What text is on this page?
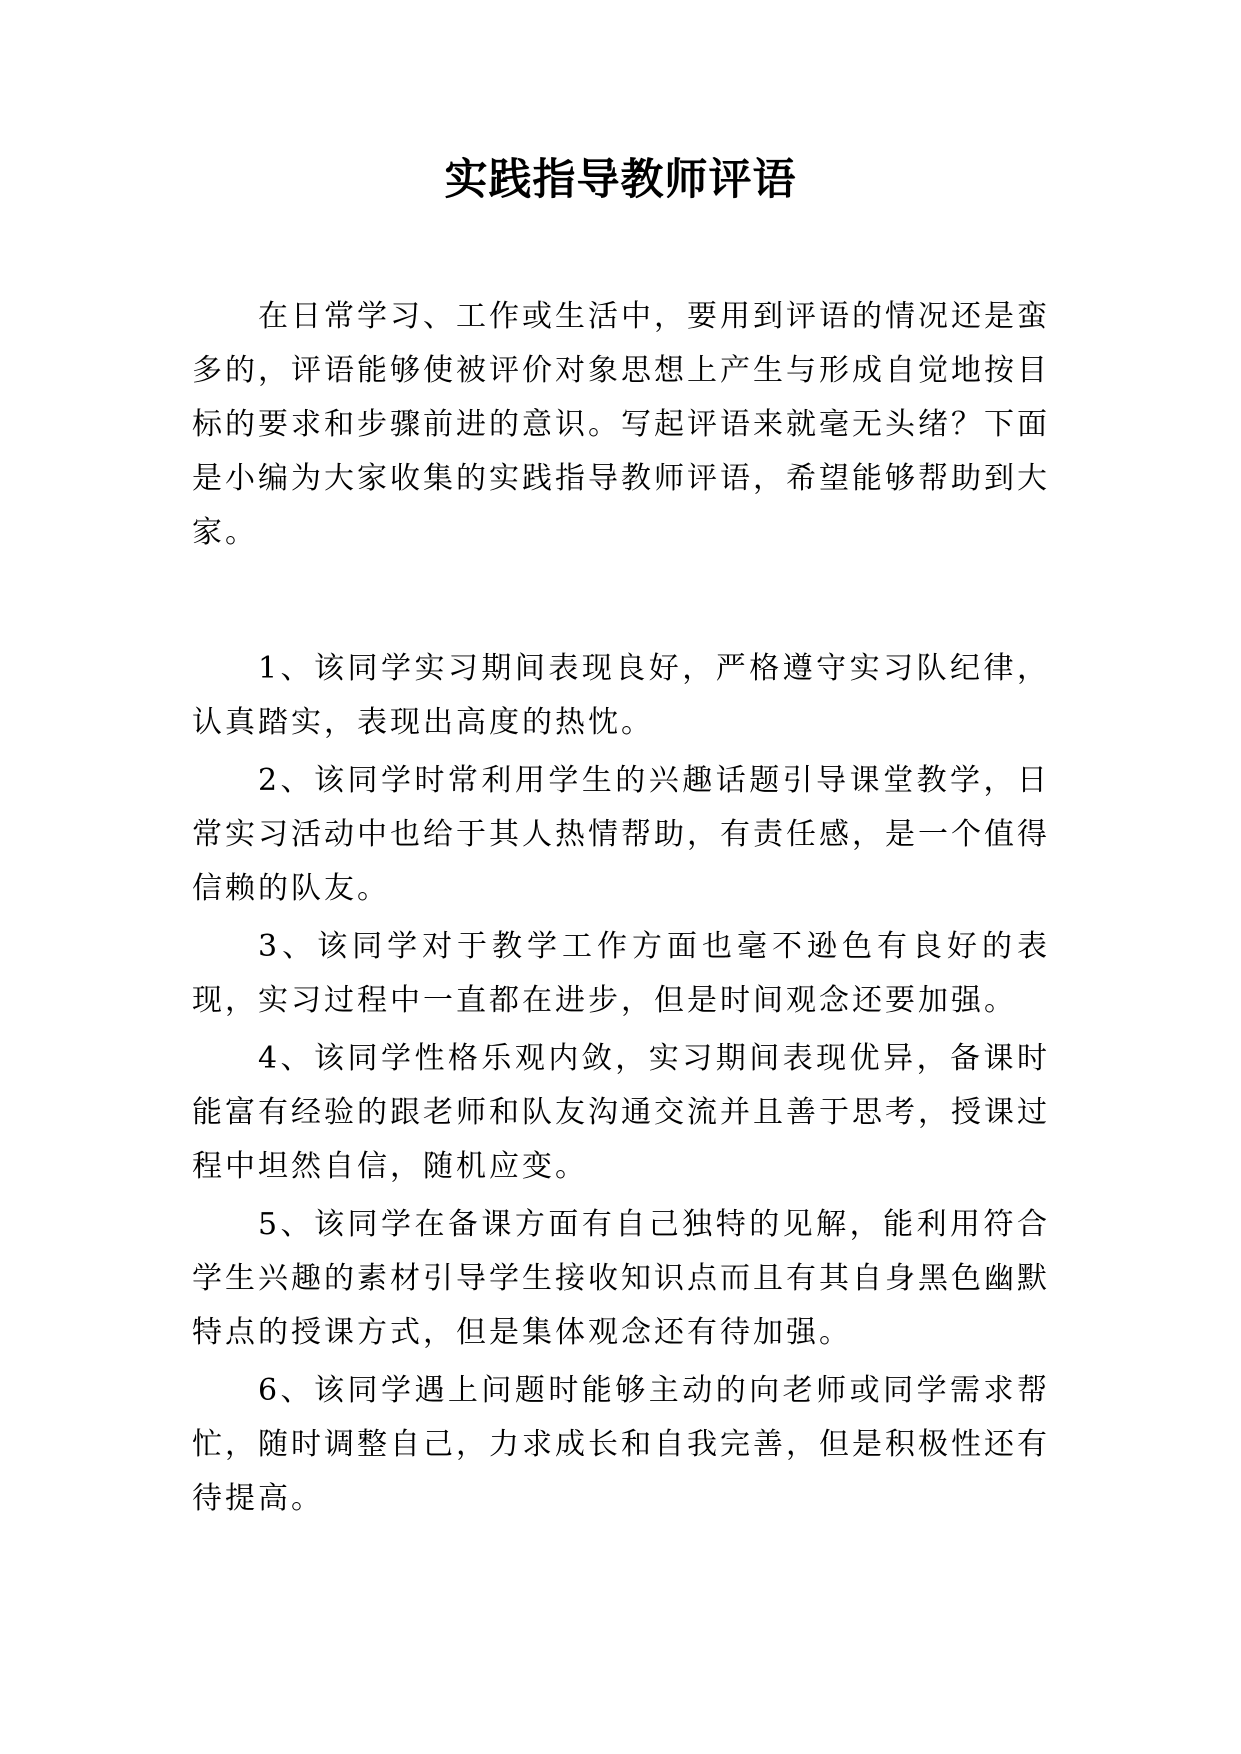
实践指导教师评语

在日常学习、工作或生活中，要用到评语的情况还是蛮多的，评语能够使被评价对象思想上产生与形成自觉地按目标的要求和步骤前进的意识。写起评语来就毫无头绪？下面是小编为大家收集的实践指导教师评语，希望能够帮助到大家。

1、该同学实习期间表现良好，严格遵守实习队纪律，认真踏实，表现出高度的热忱。

2、该同学时常利用学生的兴趣话题引导课堂教学，日常实习活动中也给于其人热情帮助，有责任感，是一个值得信赖的队友。

3、该同学对于教学工作方面也毫不逊色有良好的表现，实习过程中一直都在进步，但是时间观念还要加强。

4、该同学性格乐观内敛，实习期间表现优异，备课时能富有经验的跟老师和队友沟通交流并且善于思考，授课过程中坦然自信，随机应变。

5、该同学在备课方面有自己独特的见解，能利用符合学生兴趣的素材引导学生接收知识点而且有其自身黑色幽默特点的授课方式，但是集体观念还有待加强。

6、该同学遇上问题时能够主动的向老师或同学需求帮忙，随时调整自己，力求成长和自我完善，但是积极性还有待提高。
